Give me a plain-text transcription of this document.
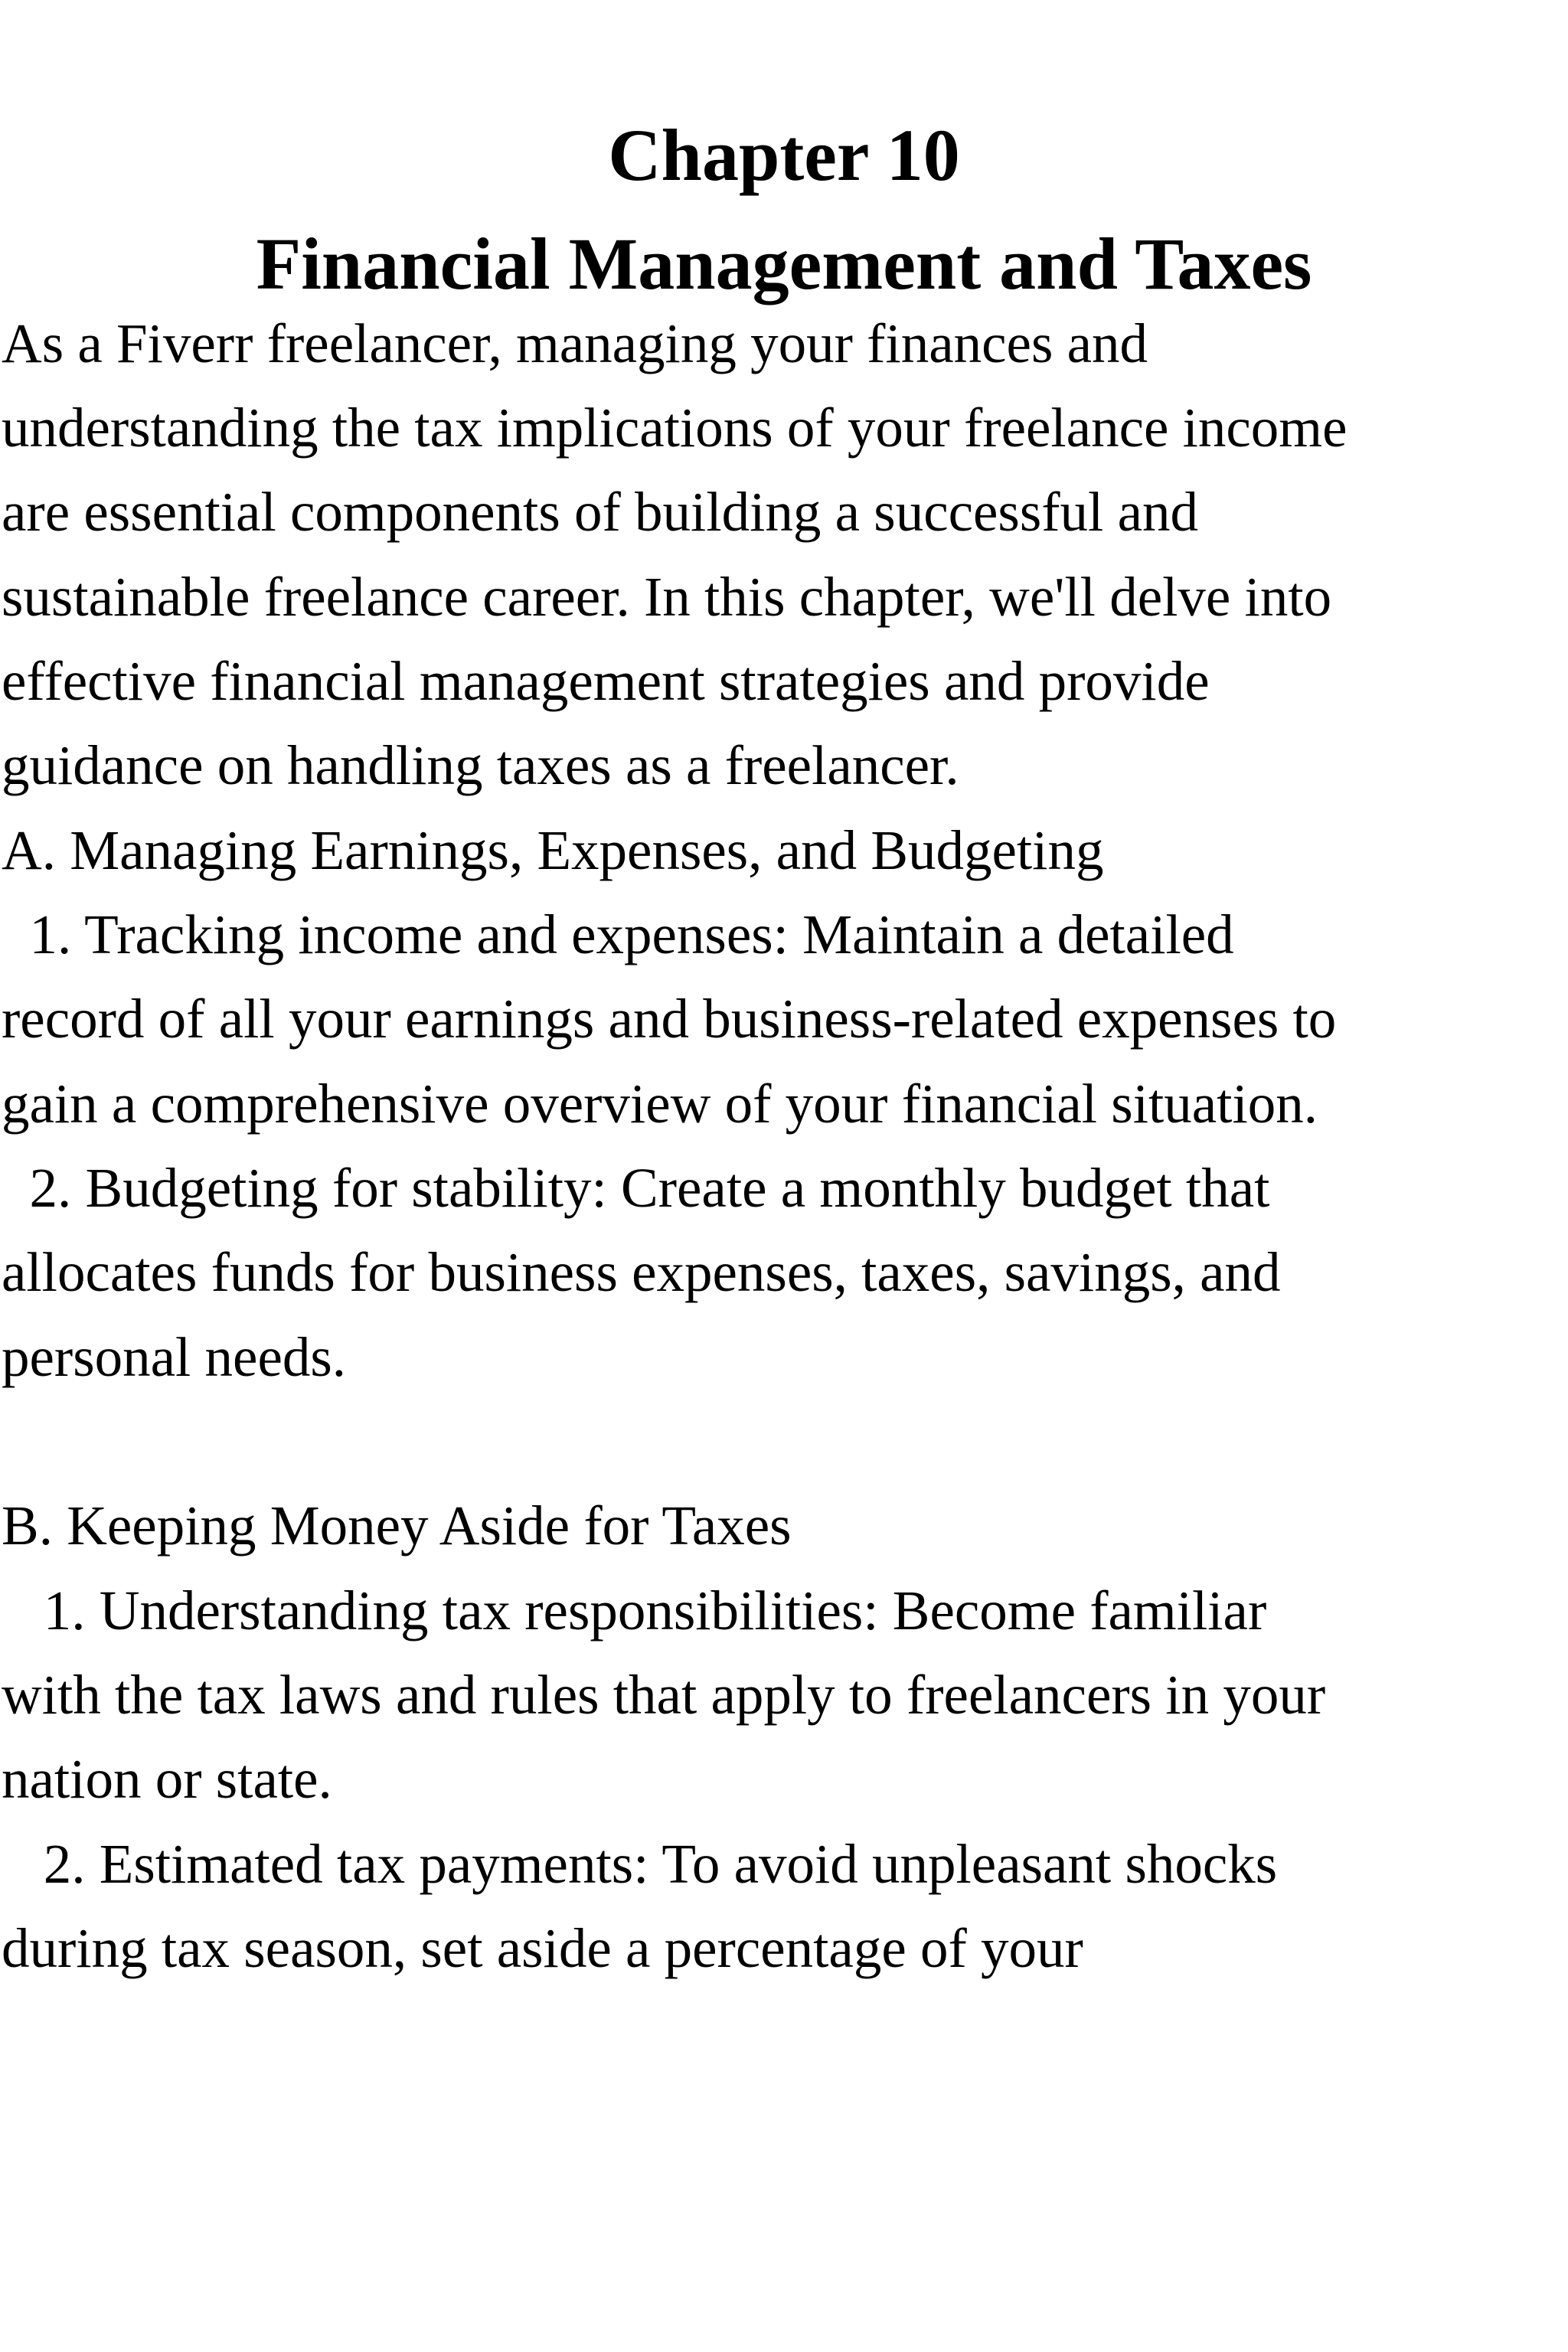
Chapter 10
Financial Management and Taxes

As a Fiverr freelancer, managing your finances and

understanding the tax implications of your freelance income

are essential components of building a successful and

sustainable freelance career. In this chapter, we'll delve into

effective financial management strategies and provide

guidance on handling taxes as a freelancer.

A. Managing Earnings, Expenses, and Budgeting

1. Tracking income and expenses: Maintain a detailed

record of all your earnings and business-related expenses to

gain a comprehensive overview of your financial situation.

2. Budgeting for stability: Create a monthly budget that

allocates funds for business expenses, taxes, savings, and

personal needs.

B. Keeping Money Aside for Taxes

1. Understanding tax responsibilities: Become familiar

with the tax laws and rules that apply to freelancers in your

nation or state.

2. Estimated tax payments: To avoid unpleasant shocks

during tax season, set aside a percentage of your
